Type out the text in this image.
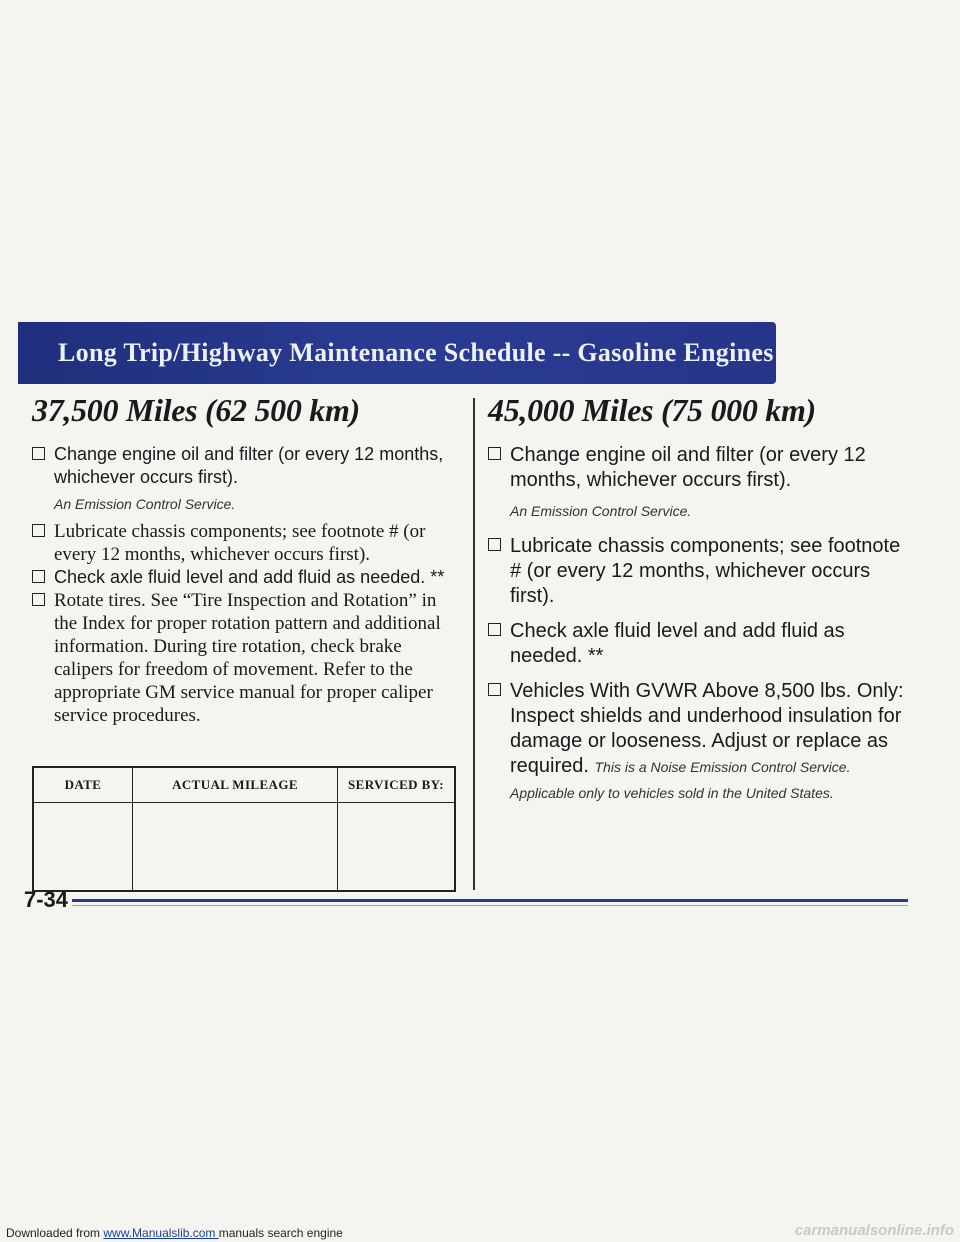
Long Trip/Highway Maintenance Schedule -- Gasoline Engines
37,500 Miles (62 500 km)
Change engine oil and filter (or every 12 months, whichever occurs first).
An Emission Control Service.
Lubricate chassis components; see footnote # (or every 12 months, whichever occurs first).
Check axle fluid level and add fluid as needed. **
Rotate tires. See “Tire Inspection and Rotation” in the Index for proper rotation pattern and additional information. During tire rotation, check brake calipers for freedom of movement. Refer to the appropriate GM service manual for proper caliper service procedures.
DATE	ACTUAL MILEAGE	SERVICED BY:

45,000 Miles (75 000 km)
Change engine oil and filter (or every 12 months, whichever occurs first).
An Emission Control Service.
Lubricate chassis components; see footnote # (or every 12 months, whichever occurs first).
Check axle fluid level and add fluid as needed. **
Vehicles With GVWR Above 8,500 lbs. Only: Inspect shields and underhood insulation for damage or looseness. Adjust or replace as required. This is a Noise Emission Control Service. Applicable only to vehicles sold in the United States.
7-34
Downloaded from www.Manualslib.com manuals search engine	carmanualsonline.info
